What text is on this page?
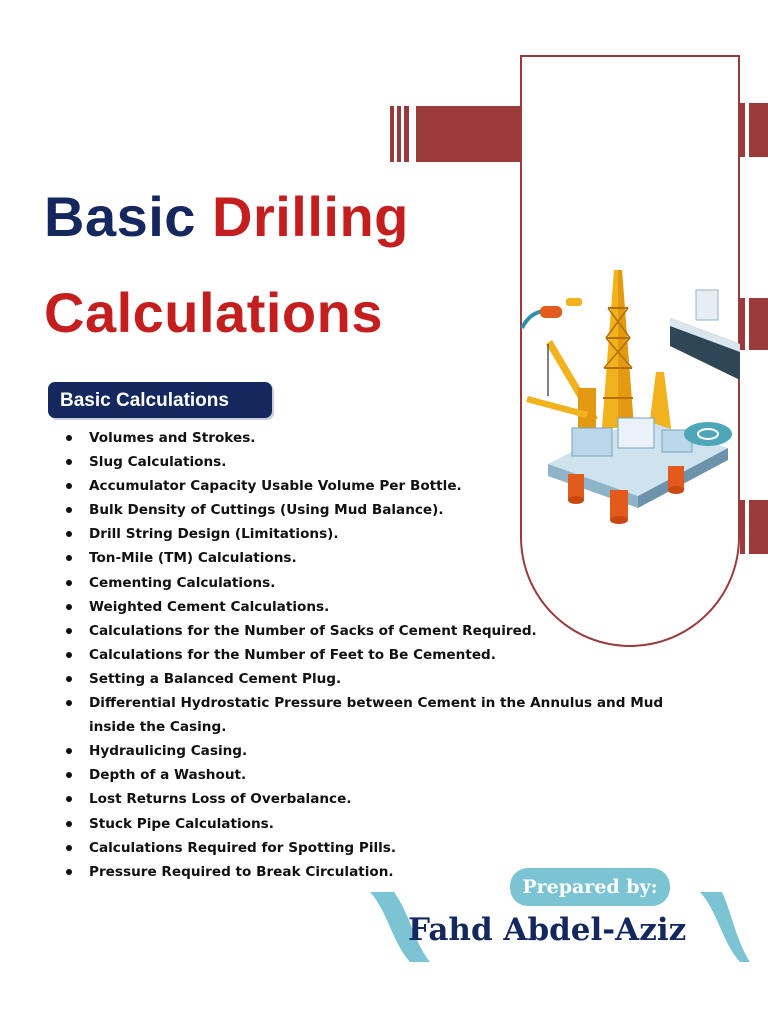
Basic Drilling
Calculations
Basic Calculations
Volumes and Strokes.
Slug Calculations.
Accumulator Capacity Usable Volume Per Bottle.
Bulk Density of Cuttings (Using Mud Balance).
Drill String Design (Limitations).
Ton-Mile (TM) Calculations.
Cementing Calculations.
Weighted Cement Calculations.
Calculations for the Number of Sacks of Cement Required.
Calculations for the Number of Feet to Be Cemented.
Setting a Balanced Cement Plug.
Differential Hydrostatic Pressure between Cement in the Annulus and Mud inside the Casing.
Hydraulicing Casing.
Depth of a Washout.
Lost Returns Loss of Overbalance.
Stuck Pipe Calculations.
Calculations Required for Spotting Pills.
Pressure Required to Break Circulation.
Prepared by:
Fahd Abdel-Aziz
